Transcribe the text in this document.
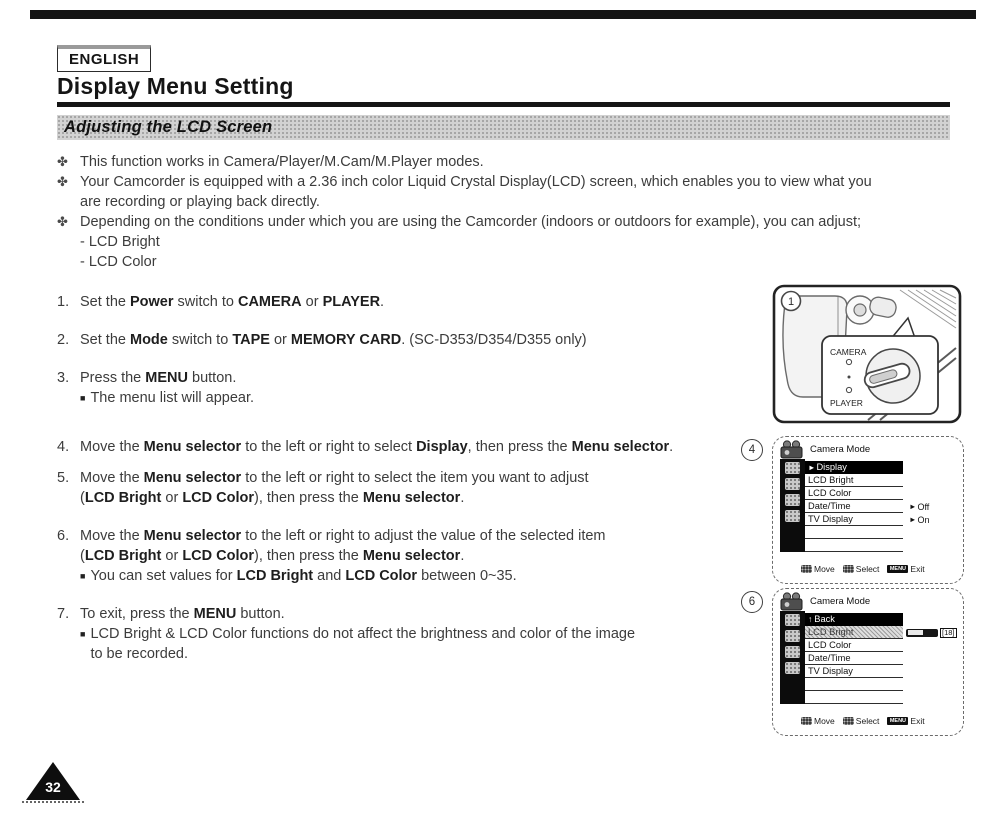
ENGLISH
Display Menu Setting
Adjusting the LCD Screen
✤ This function works in Camera/Player/M.Cam/M.Player modes.
✤ Your Camcorder is equipped with a 2.36 inch color Liquid Crystal Display(LCD) screen, which enables you to view what you
are recording or playing back directly.
✤ Depending on the conditions under which you are using the Camcorder (indoors or outdoors for example), you can adjust;
- LCD Bright
- LCD Color
1. Set the Power switch to CAMERA or PLAYER.
2. Set the Mode switch to TAPE or MEMORY CARD. (SC-D353/D354/D355 only)
3. Press the MENU button.
■ The menu list will appear.
4. Move the Menu selector to the left or right to select Display, then press the Menu selector.
5. Move the Menu selector to the left or right to select the item you want to adjust
(LCD Bright or LCD Color), then press the Menu selector.
6. Move the Menu selector to the left or right to adjust the value of the selected item
(LCD Bright or LCD Color), then press the Menu selector.
■ You can set values for LCD Bright and LCD Color between 0~35.
7. To exit, press the MENU button.
■ LCD Bright & LCD Color functions do not affect the brightness and color of the image
to be recorded.
CAMERA
PLAYER
1
4
6
Camera Mode
► Display
LCD Bright
LCD Color
Date/Time	► Off
TV Display	► On
Move Select	MENU Exit
Camera Mode
↑ Back
LCD Bright	[18]
LCD Color
Date/Time
TV Display
Move Select	MENU Exit
32
